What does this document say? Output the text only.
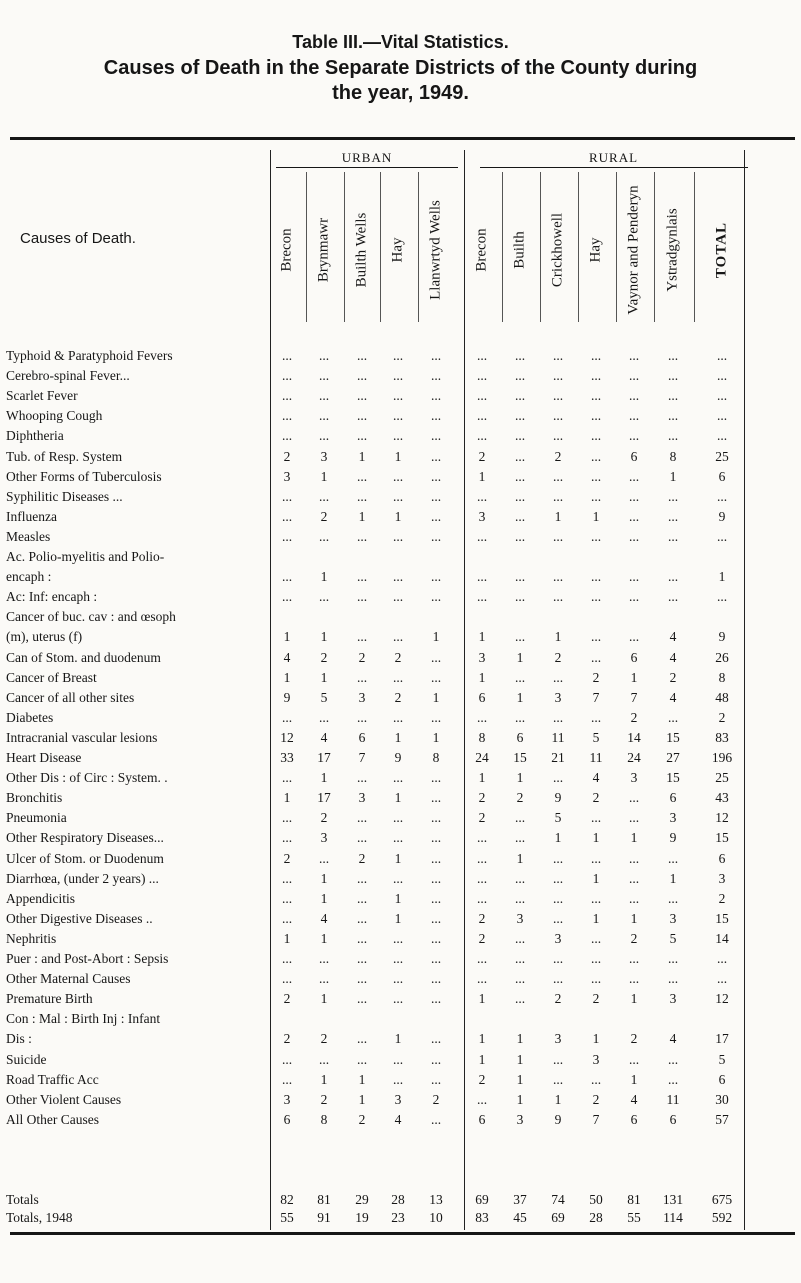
Table III.—Vital Statistics.
Causes of Death in the Separate Districts of the County during
the year, 1949.
URBAN	RURAL
Causes of Death.	Brecon Brynmawr Builth Wells Hay Llanwrtyd Wells Brecon Builth Crickhowell Hay Vaynor and Penderyn Ystradgynlais TOTAL
Typhoid & Paratyphoid Fevers	...	...	...	...	...	...	...	...	...	...	...	...
Cerebro-spinal Fever...	...	...	...	...	...	...	...	...	...	...	...	...
Scarlet Fever	...	...	...	...	...	...	...	...	...	...	...	...
Whooping Cough	...	...	...	...	...	...	...	...	...	...	...	...
Diphtheria	...	...	...	...	...	...	...	...	...	...	...	...
Tub. of Resp. System	2	3	1	1	...	2	...	2	...	6	8	25
Other Forms of Tuberculosis	3	1	...	...	...	1	...	...	...	...	1	6
Syphilitic Diseases ...	...	...	...	...	...	...	...	...	...	...	...	...
Influenza	...	2	1	1	...	3	...	1	1	...	...	9
Measles	...	...	...	...	...	...	...	...	...	...	...	...
Ac. Polio-myelitis and Polio-
encaph :	...	1	...	...	...	...	...	...	...	...	...	1
Ac: Inf: encaph :	...	...	...	...	...	...	...	...	...	...	...	...
Cancer of buc. cav : and œsoph
(m), uterus (f)	1	1	...	...	1	1	...	1	...	...	4	9
Can of Stom. and duodenum	4	2	2	2	...	3	1	2	...	6	4	26
Cancer of Breast	1	1	...	...	...	1	...	...	2	1	2	8
Cancer of all other sites	9	5	3	2	1	6	1	3	7	7	4	48
Diabetes	...	...	...	...	...	...	...	...	...	2	...	2
Intracranial vascular lesions	12	4	6	1	1	8	6	11	5	14	15	83
Heart Disease	33	17	7	9	8	24	15	21	11	24	27	196
Other Dis : of Circ : System. .	...	1	...	...	...	1	1	...	4	3	15	25
Bronchitis	1	17	3	1	...	2	2	9	2	...	6	43
Pneumonia	...	2	...	...	...	2	...	5	...	...	3	12
Other Respiratory Diseases...	...	3	...	...	...	...	...	1	1	1	9	15
Ulcer of Stom. or Duodenum	2	...	2	1	...	...	1	...	...	...	...	6
Diarrhœa, (under 2 years) ...	...	1	...	...	...	...	...	...	1	...	1	3
Appendicitis	...	1	...	1	...	...	...	...	...	...	...	2
Other Digestive Diseases ..	...	4	...	1	...	2	3	...	1	1	3	15
Nephritis	1	1	...	...	...	2	...	3	...	2	5	14
Puer : and Post-Abort : Sepsis	...	...	...	...	...	...	...	...	...	...	...	...
Other Maternal Causes	...	...	...	...	...	...	...	...	...	...	...	...
Premature Birth	2	1	...	...	...	1	...	2	2	1	3	12
Con : Mal : Birth Inj : Infant
Dis :	2	2	...	1	...	1	1	3	1	2	4	17
Suicide	...	...	...	...	...	1	1	...	3	...	...	5
Road Traffic Acc	...	1	1	...	...	2	1	...	...	1	...	6
Other Violent Causes	3	2	1	3	2	...	1	1	2	4	11	30
All Other Causes	6	8	2	4	...	6	3	9	7	6	6	57
Totals	82	81	29	28	13	69	37	74	50	81	131	675
Totals, 1948	55	91	19	23	10	83	45	69	28	55	114	592
